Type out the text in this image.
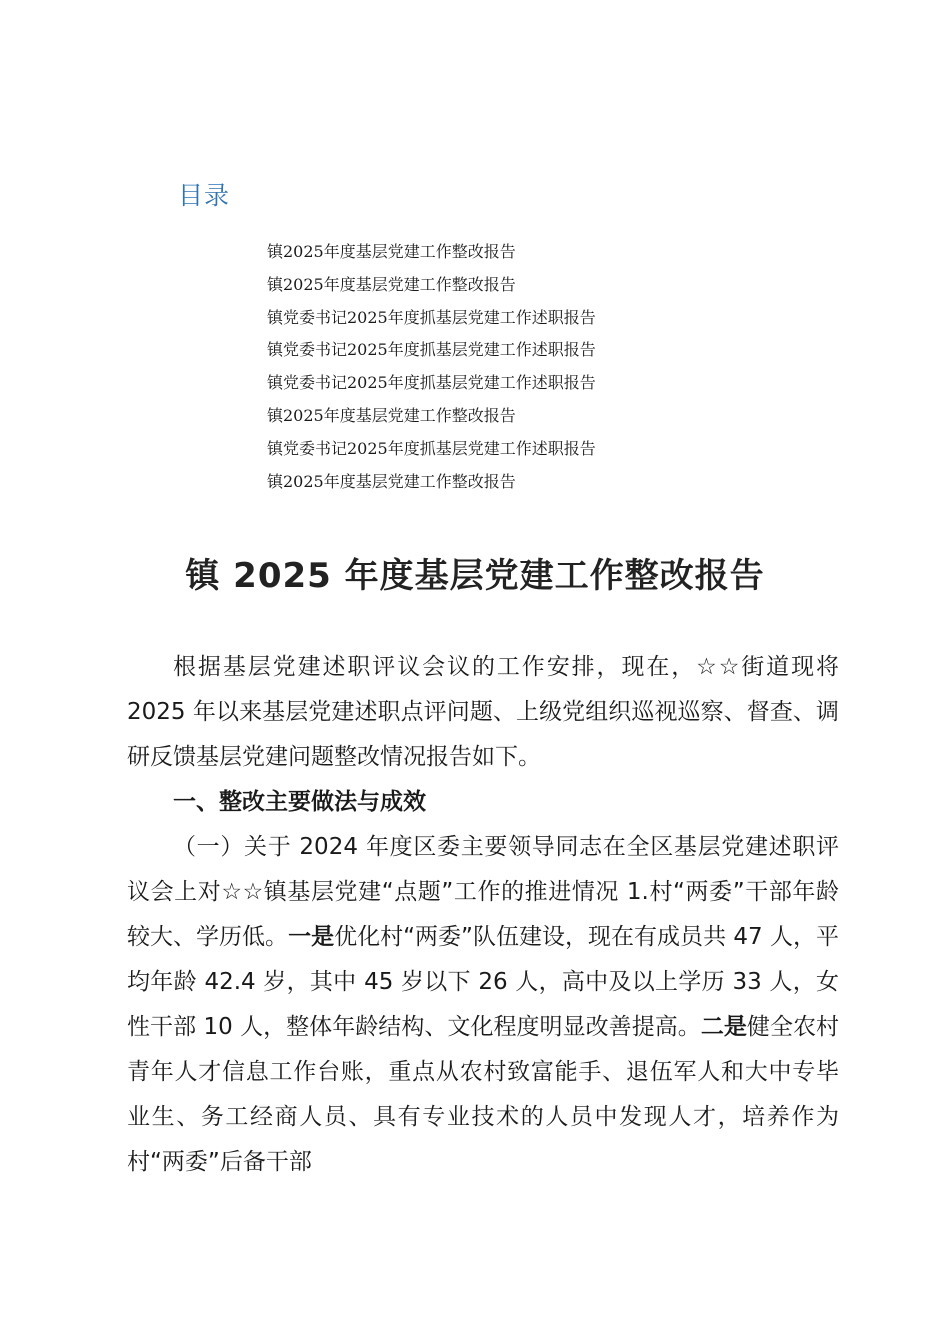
目录
镇2025年度基层党建工作整改报告
镇2025年度基层党建工作整改报告
镇党委书记2025年度抓基层党建工作述职报告
镇党委书记2025年度抓基层党建工作述职报告
镇党委书记2025年度抓基层党建工作述职报告
镇2025年度基层党建工作整改报告
镇党委书记2025年度抓基层党建工作述职报告
镇2025年度基层党建工作整改报告
镇 2025 年度基层党建工作整改报告

根据基层党建述职评议会议的工作安排，现在，☆☆街道现将 2025 年以来基层党建述职点评问题、上级党组织巡视巡察、督查、调研反馈基层党建问题整改情况报告如下。

一、整改主要做法与成效

（一）关于 2024 年度区委主要领导同志在全区基层党建述职评议会上对☆☆镇基层党建“点题”工作的推进情况 1.村“两委”干部年龄较大、学历低。一是优化村“两委”队伍建设，现在有成员共 47 人，平均年龄 42.4 岁，其中 45 岁以下 26 人，高中及以上学历 33 人，女性干部 10 人，整体年龄结构、文化程度明显改善提高。二是健全农村青年人才信息工作台账，重点从农村致富能手、退伍军人和大中专毕业生、务工经商人员、具有专业技术的人员中发现人才，培养作为村“两委”后备干部
